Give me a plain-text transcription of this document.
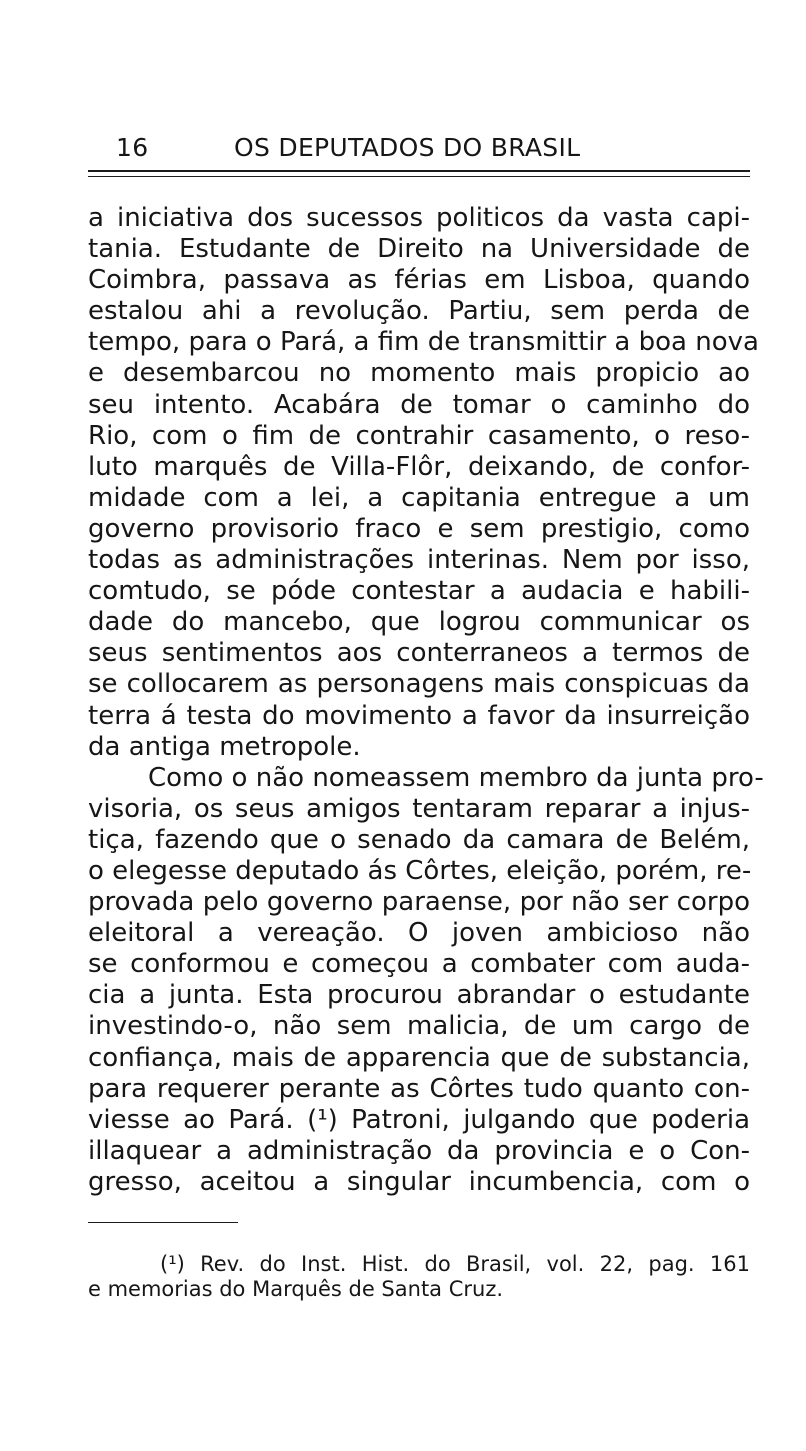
16	OS DEPUTADOS DO BRASIL

a iniciativa dos sucessos politicos da vasta capi-
tania. Estudante de Direito na Universidade de
Coimbra, passava as férias em Lisboa, quando
estalou ahi a revolução. Partiu, sem perda de
tempo, para o Pará, a fim de transmittir a boa nova
e desembarcou no momento mais propicio ao
seu intento. Acabára de tomar o caminho do
Rio, com o fim de contrahir casamento, o reso-
luto marquês de Villa-Flôr, deixando, de confor-
midade com a lei, a capitania entregue a um
governo provisorio fraco e sem prestigio, como
todas as administrações interinas. Nem por isso,
comtudo, se póde contestar a audacia e habili-
dade do mancebo, que logrou communicar os
seus sentimentos aos conterraneos a termos de
se collocarem as personagens mais conspicuas da
terra á testa do movimento a favor da insurreição
da antiga metropole.

Como o não nomeassem membro da junta pro-
visoria, os seus amigos tentaram reparar a injus-
tiça, fazendo que o senado da camara de Belém,
o elegesse deputado ás Côrtes, eleição, porém, re-
provada pelo governo paraense, por não ser corpo
eleitoral a vereação. O joven ambicioso não
se conformou e começou a combater com auda-
cia a junta. Esta procurou abrandar o estudante
investindo-o, não sem malicia, de um cargo de
confiança, mais de apparencia que de substancia,
para requerer perante as Côrtes tudo quanto con-
viesse ao Pará. (¹) Patroni, julgando que poderia
illaquear a administração da provincia e o Con-
gresso, aceitou a singular incumbencia, com o

(¹) Rev. do Inst. Hist. do Brasil, vol. 22, pag. 161
e memorias do Marquês de Santa Cruz.
